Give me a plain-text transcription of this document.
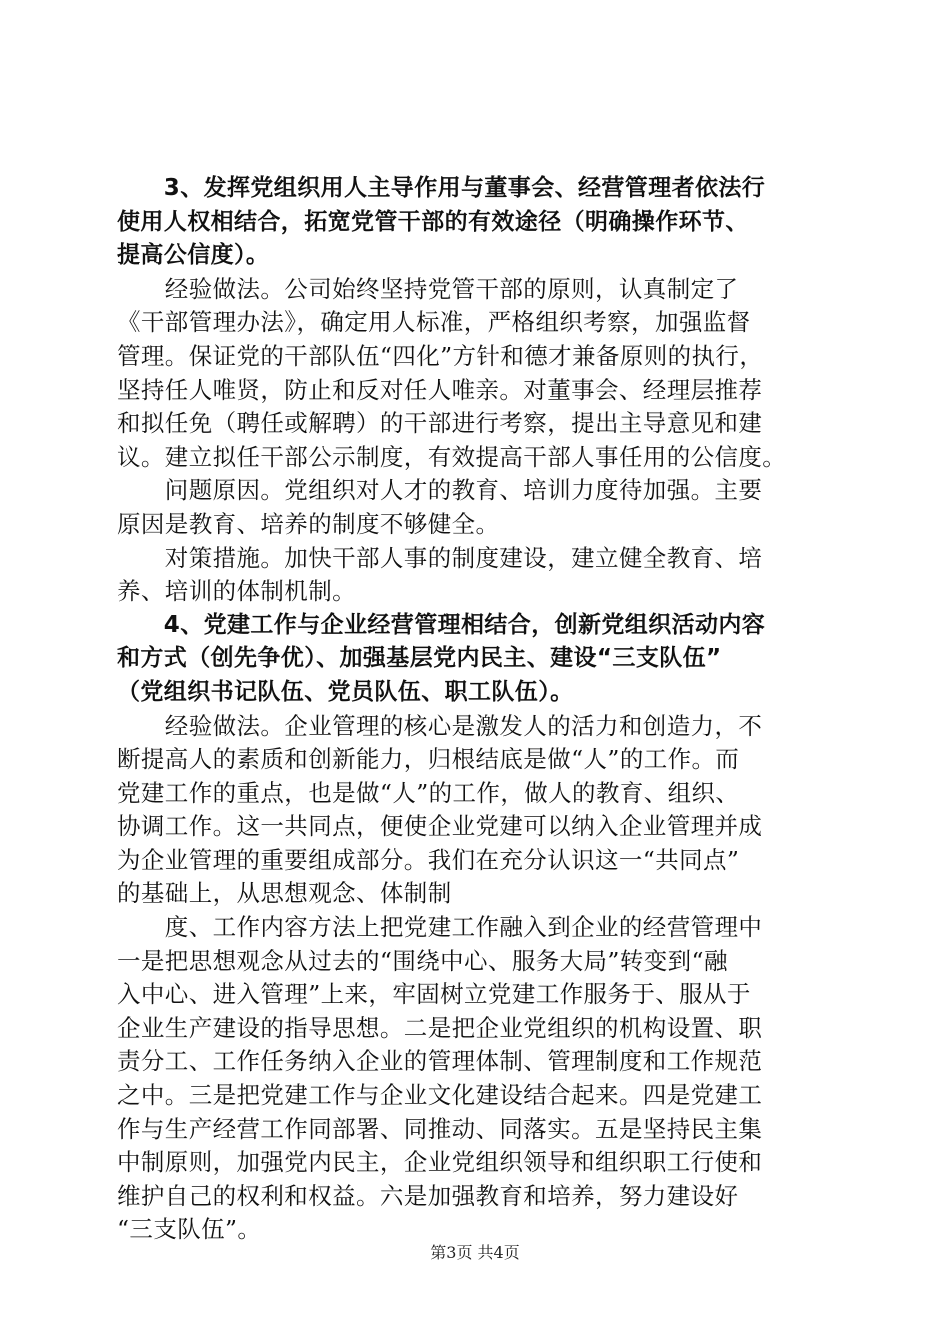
　　3、发挥党组织用人主导作用与董事会、经营管理者依法行
使用人权相结合，拓宽党管干部的有效途径（明确操作环节、
提高公信度）。
　　经验做法。公司始终坚持党管干部的原则，认真制定了
《干部管理办法》，确定用人标准，严格组织考察，加强监督
管理。保证党的干部队伍“四化”方针和德才兼备原则的执行，
坚持任人唯贤，防止和反对任人唯亲。对董事会、经理层推荐
和拟任免（聘任或解聘）的干部进行考察，提出主导意见和建
议。建立拟任干部公示制度，有效提高干部人事任用的公信度。
　　问题原因。党组织对人才的教育、培训力度待加强。主要
原因是教育、培养的制度不够健全。
　　对策措施。加快干部人事的制度建设，建立健全教育、培
养、培训的体制机制。
　　4、党建工作与企业经营管理相结合，创新党组织活动内容
和方式（创先争优）、加强基层党内民主、建设“三支队伍”
（党组织书记队伍、党员队伍、职工队伍）。
　　经验做法。企业管理的核心是激发人的活力和创造力，不
断提高人的素质和创新能力，归根结底是做“人”的工作。而
党建工作的重点，也是做“人”的工作，做人的教育、组织、
协调工作。这一共同点，便使企业党建可以纳入企业管理并成
为企业管理的重要组成部分。我们在充分认识这一“共同点”
的基础上，从思想观念、体制制
　　度、工作内容方法上把党建工作融入到企业的经营管理中
一是把思想观念从过去的“围绕中心、服务大局”转变到“融
入中心、进入管理”上来，牢固树立党建工作服务于、服从于
企业生产建设的指导思想。二是把企业党组织的机构设置、职
责分工、工作任务纳入企业的管理体制、管理制度和工作规范
之中。三是把党建工作与企业文化建设结合起来。四是党建工
作与生产经营工作同部署、同推动、同落实。五是坚持民主集
中制原则，加强党内民主，企业党组织领导和组织职工行使和
维护自己的权利和权益。六是加强教育和培养，努力建设好
“三支队伍”。
第3页 共4页
